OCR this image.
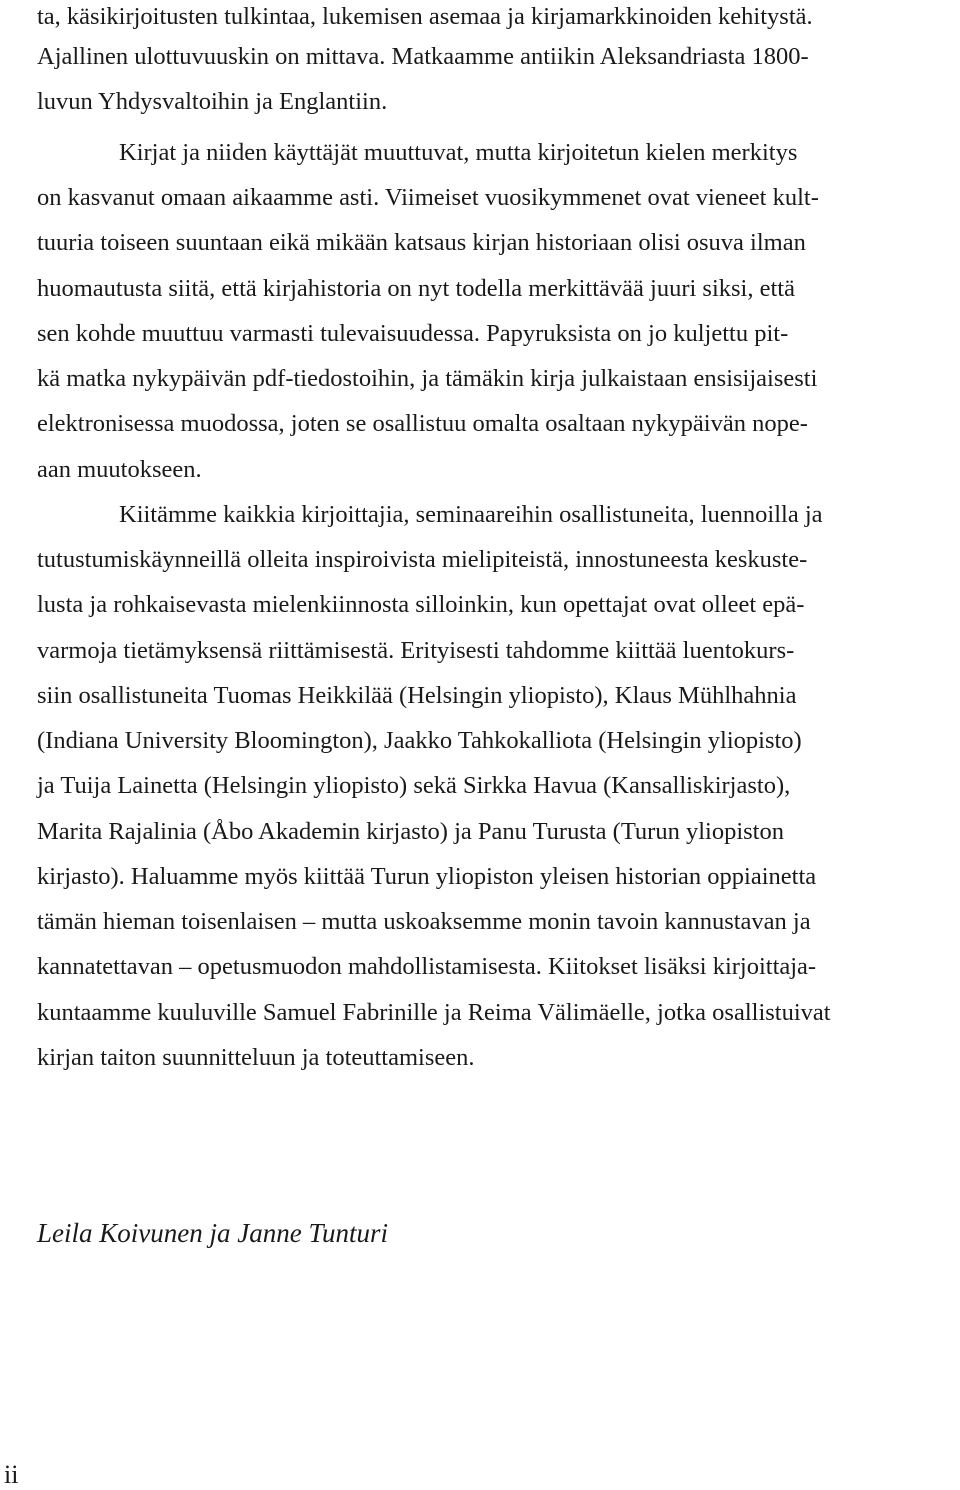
ta, käsikirjoitusten tulkintaa, lukemisen asemaa ja kirjamarkkinoiden kehitystä.
Ajallinen ulottuvuuskin on mittava. Matkaamme antiikin Aleksandriasta 1800-
luvun Yhdysvaltoihin ja Englantiin.
Kirjat ja niiden käyttäjät muuttuvat, mutta kirjoitetun kielen merkitys
on kasvanut omaan aikaamme asti. Viimeiset vuosikymmenet ovat vieneet kult-
tuuria toiseen suuntaan eikä mikään katsaus kirjan historiaan olisi osuva ilman
huomautusta siitä, että kirjahistoria on nyt todella merkittävää juuri siksi, että
sen kohde muuttuu varmasti tulevaisuudessa. Papyruksista on jo kuljettu pit-
kä matka nykypäivän pdf-tiedostoihin, ja tämäkin kirja julkaistaan ensisijaisesti
elektronisessa muodossa, joten se osallistuu omalta osaltaan nykypäivän nope-
aan muutokseen.
Kiitämme kaikkia kirjoittajia, seminaareihin osallistuneita, luennoilla ja
tutustumiskäynneillä olleita inspiroivista mielipiteistä, innostuneesta keskuste-
lusta ja rohkaisevasta mielenkiinnosta silloinkin, kun opettajat ovat olleet epä-
varmoja tietämyksensä riittämisestä. Erityisesti tahdomme kiittää luentokurs-
siin osallistuneita Tuomas Heikkilää (Helsingin yliopisto), Klaus Mühlhahnia
(Indiana University Bloomington), Jaakko Tahkokalliota (Helsingin yliopisto)
ja Tuija Lainetta (Helsingin yliopisto) sekä Sirkka Havua (Kansalliskirjasto),
Marita Rajalinia (Åbo Akademin kirjasto) ja Panu Turusta (Turun yliopiston
kirjasto). Haluamme myös kiittää Turun yliopiston yleisen historian oppiainetta
tämän hieman toisenlaisen – mutta uskoaksemme monin tavoin kannustavan ja
kannatettavan – opetusmuodon mahdollistamisesta. Kiitokset lisäksi kirjoittaja-
kuntaamme kuuluville Samuel Fabrinille ja Reima Välimäelle, jotka osallistuivat
kirjan taiton suunnitteluun ja toteuttamiseen.
Leila Koivunen ja Janne Tunturi
ii
